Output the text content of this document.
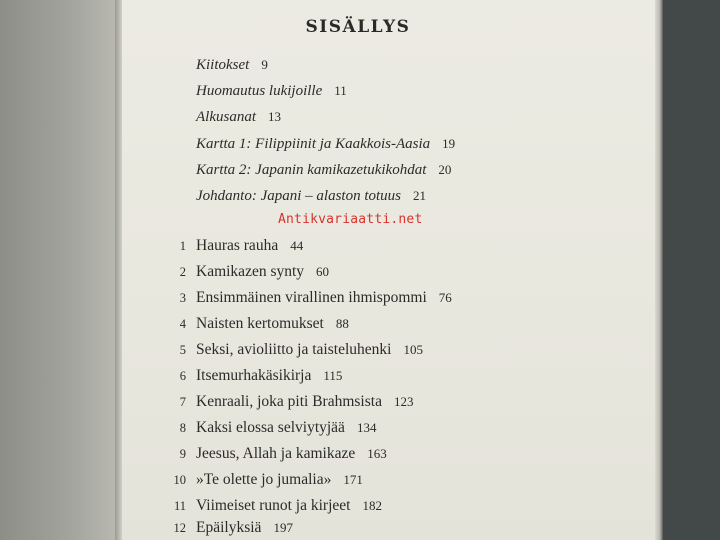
SISÄLLYS
Kiitokset 9
Huomautus lukijoille 11
Alkusanat 13
Kartta 1: Filippiinit ja Kaakkois-Aasia 19
Kartta 2: Japanin kamikazetukikohdat 20
Johdanto: Japani – alaston totuus 21
Antikvariaatti.net
1 Hauras rauha 44
2 Kamikazen synty 60
3 Ensimmäinen virallinen ihmispommi 76
4 Naisten kertomukset 88
5 Seksi, avioliitto ja taisteluhenki 105
6 Itsemurhakäsikirja 115
7 Kenraali, joka piti Brahmsista 123
8 Kaksi elossa selviytyjää 134
9 Jeesus, Allah ja kamikaze 163
10 »Te olette jo jumalia» 171
11 Viimeiset runot ja kirjeet 182
12 Epäilyksiä 197
